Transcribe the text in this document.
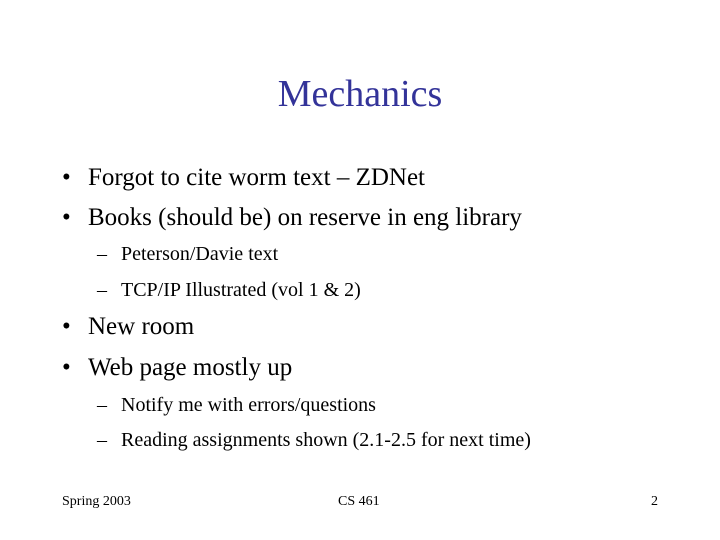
Mechanics
• Forgot to cite worm text – ZDNet
• Books (should be) on reserve in eng library
– Peterson/Davie text
– TCP/IP Illustrated (vol 1 & 2)
• New room
• Web page mostly up
– Notify me with errors/questions
– Reading assignments shown (2.1-2.5 for next time)
Spring 2003	CS 461	2
